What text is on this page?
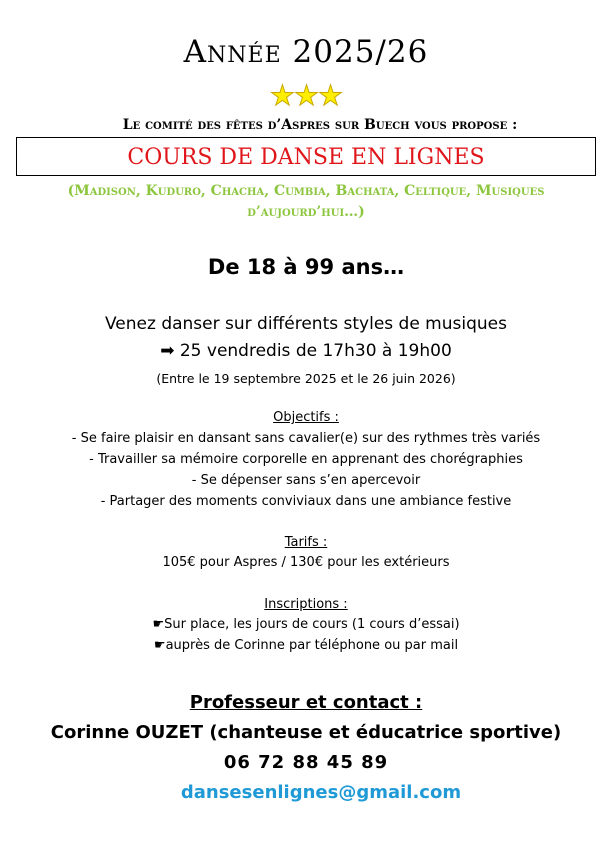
Année 2025/26
★★★
Le comité des fêtes d’Aspres sur Buech vous propose :
COURS DE DANSE EN LIGNES
(Madison, Kuduro, Chacha, Cumbia, Bachata, Celtique, Musiques
d’aujourd’hui…)
De 18 à 99 ans…
Venez danser sur différents styles de musiques
➡ 25 vendredis de 17h30 à 19h00
(Entre le 19 septembre 2025 et le 26 juin 2026)
Objectifs :
- Se faire plaisir en dansant sans cavalier(e) sur des rythmes très variés
- Travailler sa mémoire corporelle en apprenant des chorégraphies
- Se dépenser sans s’en apercevoir
- Partager des moments conviviaux dans une ambiance festive
Tarifs :
105€ pour Aspres / 130€ pour les extérieurs
Inscriptions :
☛Sur place, les jours de cours (1 cours d’essai)
☛auprès de Corinne par téléphone ou par mail
Professeur et contact :
Corinne OUZET (chanteuse et éducatrice sportive)
06 72 88 45 89
dansesenlignes@gmail.com
